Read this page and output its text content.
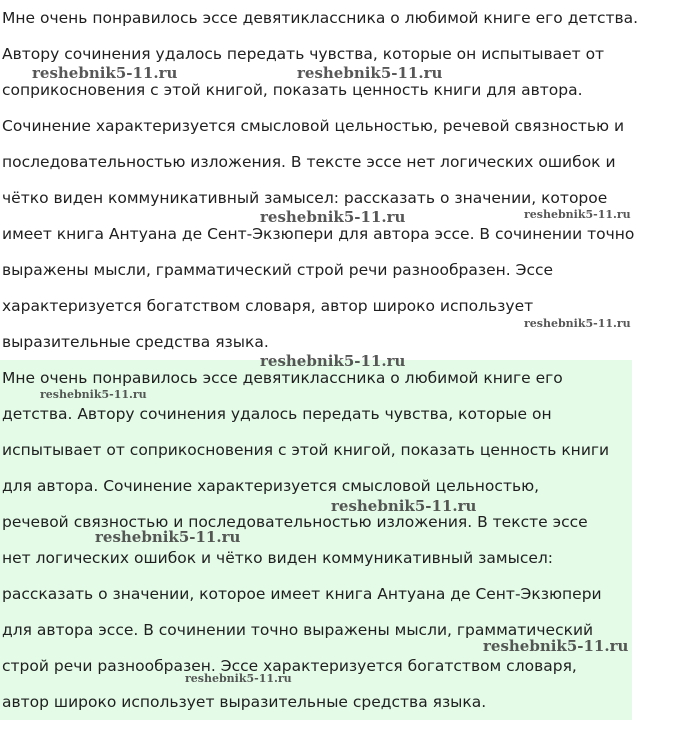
Мне очень понравилось эссе девятиклассника о любимой книге его детства.
Автору сочинения удалось передать чувства, которые он испытывает от
соприкосновения с этой книгой, показать ценность книги для автора.
Сочинение характеризуется смысловой цельностью, речевой связностью и
последовательностью изложения. В тексте эссе нет логических ошибок и
чётко виден коммуникативный замысел: рассказать о значении, которое
имеет книга Антуана де Сент-Экзюпери для автора эссе. В сочинении точно
выражены мысли, грамматический строй речи разнообразен. Эссе
характеризуется богатством словаря, автор широко использует
выразительные средства языка.
Мне очень понравилось эссе девятиклассника о любимой книге его
детства. Автору сочинения удалось передать чувства, которые он
испытывает от соприкосновения с этой книгой, показать ценность книги
для автора. Сочинение характеризуется смысловой цельностью,
речевой связностью и последовательностью изложения. В тексте эссе
нет логических ошибок и чётко виден коммуникативный замысел:
рассказать о значении, которое имеет книга Антуана де Сент-Экзюпери
для автора эссе. В сочинении точно выражены мысли, грамматический
строй речи разнообразен. Эссе характеризуется богатством словаря,
автор широко использует выразительные средства языка.
reshebnik5-11.ru	reshebnik5-11.ru
reshebnik5-11.ru	reshebnik5-11.ru
reshebnik5-11.ru
reshebnik5-11.ru
reshebnik5-11.ru
reshebnik5-11.ru
reshebnik5-11.ru
reshebnik5-11.ru
reshebnik5-11.ru
